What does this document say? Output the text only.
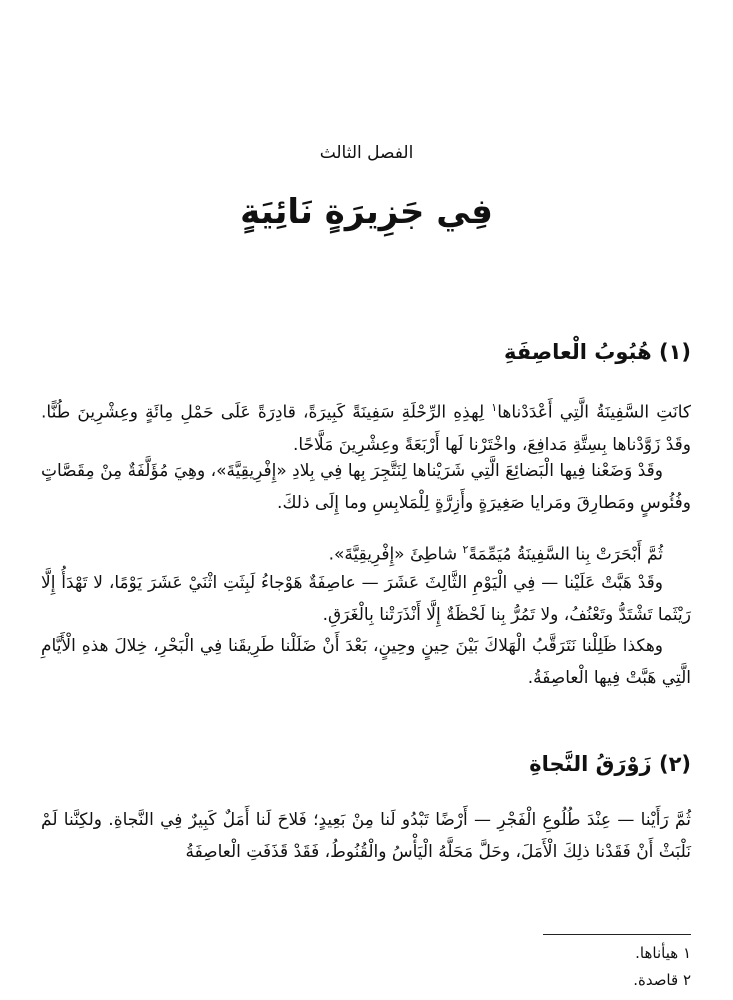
الفصل الثالث
فِي جَزِيرَةٍ نَائِيَةٍ
(١) هُبُوبُ الْعاصِفَةِ

كانَتِ السَّفِينَةُ الَّتِي أَعْدَدْناها$^١$ لِهذِهِ الرِّحْلَةِ سَفِينَةً كَبِيرَةً، قادِرَةً عَلَى حَمْلِ مِائَةٍ وعِشْرِينَ طُنًّا. وقَدْ زَوَّدْناها بِسِتَّةِ مَدافِعَ، واخْتَرْنا لَها أَرْبَعَةً وعِشْرِينَ مَلَّاحًا.

وقَدْ وَضَعْنا فِيها الْبَضائِعَ الَّتِي شَرَيْناها لِنَتَّجِرَ بِها فِي بِلادِ «إِفْرِيقِيَّةَ»، وهِيَ مُؤَلَّفَةٌ مِنْ مِقَصَّاتٍ وفُئُوسٍ ومَطارِقَ ومَرايا صَغِيرَةٍ وأَزِرَّةٍ لِلْمَلابِسِ وما إِلَى ذلكَ.

ثُمَّ أَبْحَرَتْ بِنا السَّفِينَةُ مُيَمِّمَةً$^٢$ شاطِئَ «إِفْرِيقِيَّةَ».

وقَدْ هَبَّتْ عَلَيْنا — فِي الْيَوْمِ الثَّالِثَ عَشَرَ — عاصِفَةٌ هَوْجاءُ لَبِثَتِ اثْنَيْ عَشَرَ يَوْمًا، لا تَهْدَأُ إِلَّا رَيْثَما تَشْتَدُّ وتَعْنُفُ، ولا تَمُرُّ بِنا لَحْظَةٌ إِلَّا أَنْذَرَتْنا بِالْغَرَقِ.

وهكذا ظَلِلْنا نَتَرَقَّبُ الْهَلاكَ بَيْنَ حِينٍ وحِينٍ، بَعْدَ أَنْ ضَلَلْنا طَرِيقَنا فِي الْبَحْرِ، خِلالَ هذهِ الْأَيَّامِ الَّتِي هَبَّتْ فِيها الْعاصِفَةُ.

(٢) زَوْرَقُ النَّجاةِ

ثُمَّ رَأَيْنا — عِنْدَ طُلُوعِ الْفَجْرِ — أَرْضًا تَبْدُو لَنا مِنْ بَعِيدٍ؛ فَلاحَ لَنا أَمَلٌ كَبِيرٌ فِي النَّجاةِ. ولكِنَّنا لَمْ نَلْبَثْ أَنْ فَقَدْنا ذلِكَ الْأَمَلَ، وحَلَّ مَحَلَّهُ الْيَأْسُ والْقُنُوطُ، فَقَدْ قَذَفَتِ الْعاصِفَةُ

١ هيأناها.
٢ قاصدة.
